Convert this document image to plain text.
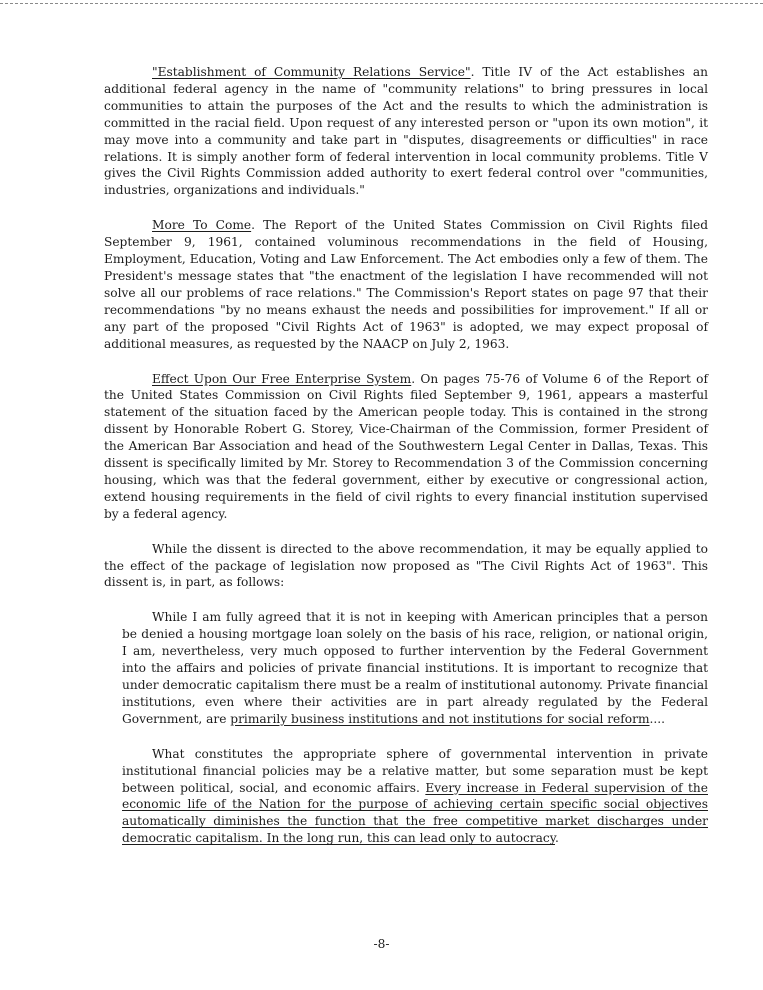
"Establishment of Community Relations Service". Title IV of the Act establishes an additional federal agency in the name of "community relations" to bring pressures in local communities to attain the purposes of the Act and the results to which the administration is committed in the racial field. Upon request of any interested person or "upon its own motion", it may move into a community and take part in "disputes, disagreements or difficulties" in race relations. It is simply another form of federal intervention in local community problems. Title V gives the Civil Rights Commission added authority to exert federal control over "communities, industries, organizations and individuals."

More To Come. The Report of the United States Commission on Civil Rights filed September 9, 1961, contained voluminous recommendations in the field of Housing, Employment, Education, Voting and Law Enforcement. The Act embodies only a few of them. The President's message states that "the enactment of the legislation I have recommended will not solve all our problems of race relations." The Commission's Report states on page 97 that their recommendations "by no means exhaust the needs and possibilities for improvement." If all or any part of the proposed "Civil Rights Act of 1963" is adopted, we may expect proposal of additional measures, as requested by the NAACP on July 2, 1963.

Effect Upon Our Free Enterprise System. On pages 75-76 of Volume 6 of the Report of the United States Commission on Civil Rights filed September 9, 1961, appears a masterful statement of the situation faced by the American people today. This is contained in the strong dissent by Honorable Robert G. Storey, Vice-Chairman of the Commission, former President of the American Bar Association and head of the Southwestern Legal Center in Dallas, Texas. This dissent is specifically limited by Mr. Storey to Recommendation 3 of the Commission concerning housing, which was that the federal government, either by executive or congressional action, extend housing requirements in the field of civil rights to every financial institution supervised by a federal agency.

While the dissent is directed to the above recommendation, it may be equally applied to the effect of the package of legislation now proposed as "The Civil Rights Act of 1963". This dissent is, in part, as follows:

While I am fully agreed that it is not in keeping with American principles that a person be denied a housing mortgage loan solely on the basis of his race, religion, or national origin, I am, nevertheless, very much opposed to further intervention by the Federal Government into the affairs and policies of private financial institutions. It is important to recognize that under democratic capitalism there must be a realm of institutional autonomy. Private financial institutions, even where their activities are in part already regulated by the Federal Government, are primarily business institutions and not institutions for social reform....

What constitutes the appropriate sphere of governmental intervention in private institutional financial policies may be a relative matter, but some separation must be kept between political, social, and economic affairs. Every increase in Federal supervision of the economic life of the Nation for the purpose of achieving certain specific social objectives automatically diminishes the function that the free competitive market discharges under democratic capitalism. In the long run, this can lead only to autocracy.

-8-
